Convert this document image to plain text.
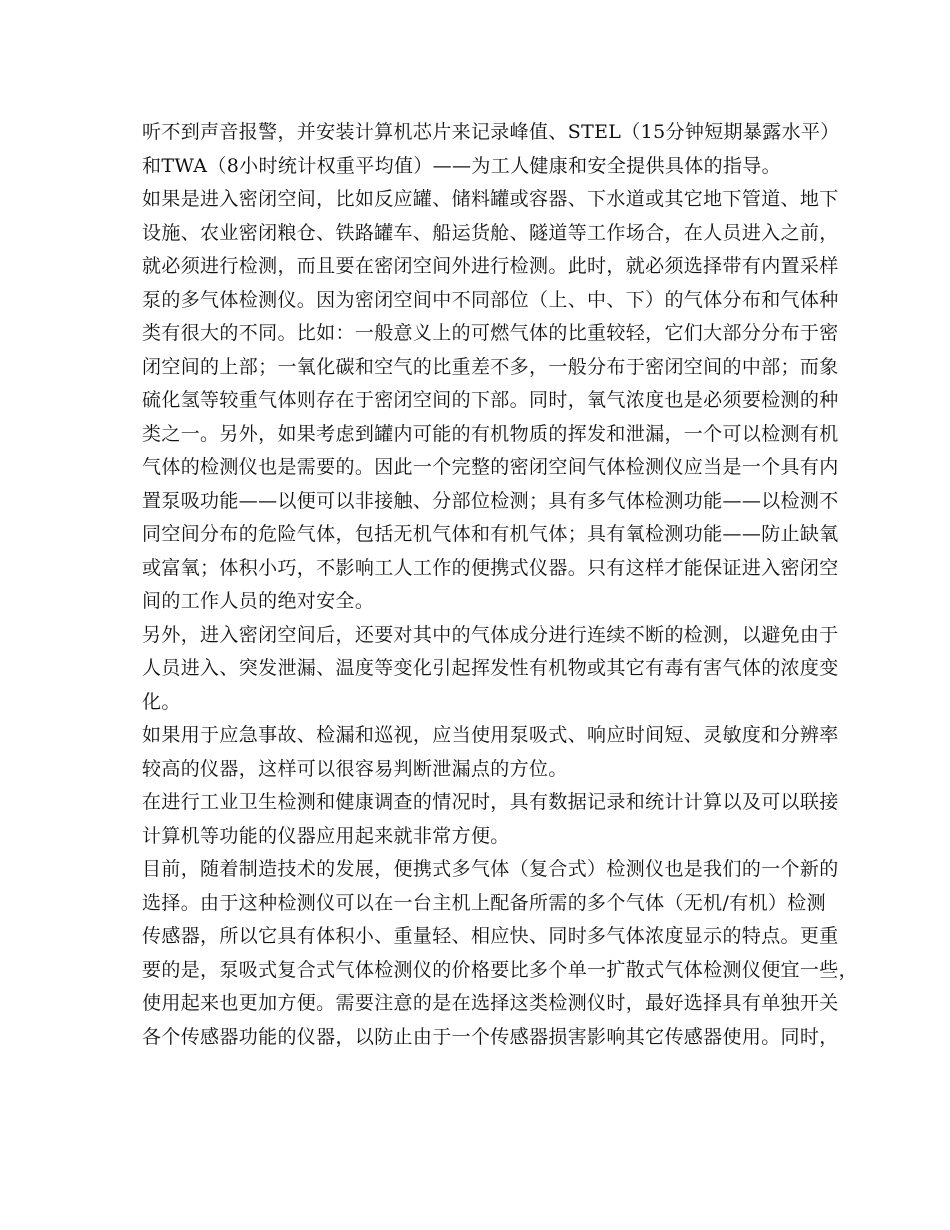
听不到声音报警，并安装计算机芯片来记录峰值、STEL（15分钟短期暴露水平）
和TWA（8小时统计权重平均值）——为工人健康和安全提供具体的指导。
如果是进入密闭空间，比如反应罐、储料罐或容器、下水道或其它地下管道、地下
设施、农业密闭粮仓、铁路罐车、船运货舱、隧道等工作场合，在人员进入之前，
就必须进行检测，而且要在密闭空间外进行检测。此时，就必须选择带有内置采样
泵的多气体检测仪。因为密闭空间中不同部位（上、中、下）的气体分布和气体种
类有很大的不同。比如：一般意义上的可燃气体的比重较轻，它们大部分分布于密
闭空间的上部；一氧化碳和空气的比重差不多，一般分布于密闭空间的中部；而象
硫化氢等较重气体则存在于密闭空间的下部。同时，氧气浓度也是必须要检测的种
类之一。另外，如果考虑到罐内可能的有机物质的挥发和泄漏，一个可以检测有机
气体的检测仪也是需要的。因此一个完整的密闭空间气体检测仪应当是一个具有内
置泵吸功能——以便可以非接触、分部位检测；具有多气体检测功能——以检测不
同空间分布的危险气体，包括无机气体和有机气体；具有氧检测功能——防止缺氧
或富氧；体积小巧，不影响工人工作的便携式仪器。只有这样才能保证进入密闭空
间的工作人员的绝对安全。
另外，进入密闭空间后，还要对其中的气体成分进行连续不断的检测，以避免由于
人员进入、突发泄漏、温度等变化引起挥发性有机物或其它有毒有害气体的浓度变
化。
如果用于应急事故、检漏和巡视，应当使用泵吸式、响应时间短、灵敏度和分辨率
较高的仪器，这样可以很容易判断泄漏点的方位。
在进行工业卫生检测和健康调查的情况时，具有数据记录和统计计算以及可以联接
计算机等功能的仪器应用起来就非常方便。
目前，随着制造技术的发展，便携式多气体（复合式）检测仪也是我们的一个新的
选择。由于这种检测仪可以在一台主机上配备所需的多个气体（无机/有机）检测
传感器，所以它具有体积小、重量轻、相应快、同时多气体浓度显示的特点。更重
要的是，泵吸式复合式气体检测仪的价格要比多个单一扩散式气体检测仪便宜一些，
使用起来也更加方便。需要注意的是在选择这类检测仪时，最好选择具有单独开关
各个传感器功能的仪器，以防止由于一个传感器损害影响其它传感器使用。同时，
